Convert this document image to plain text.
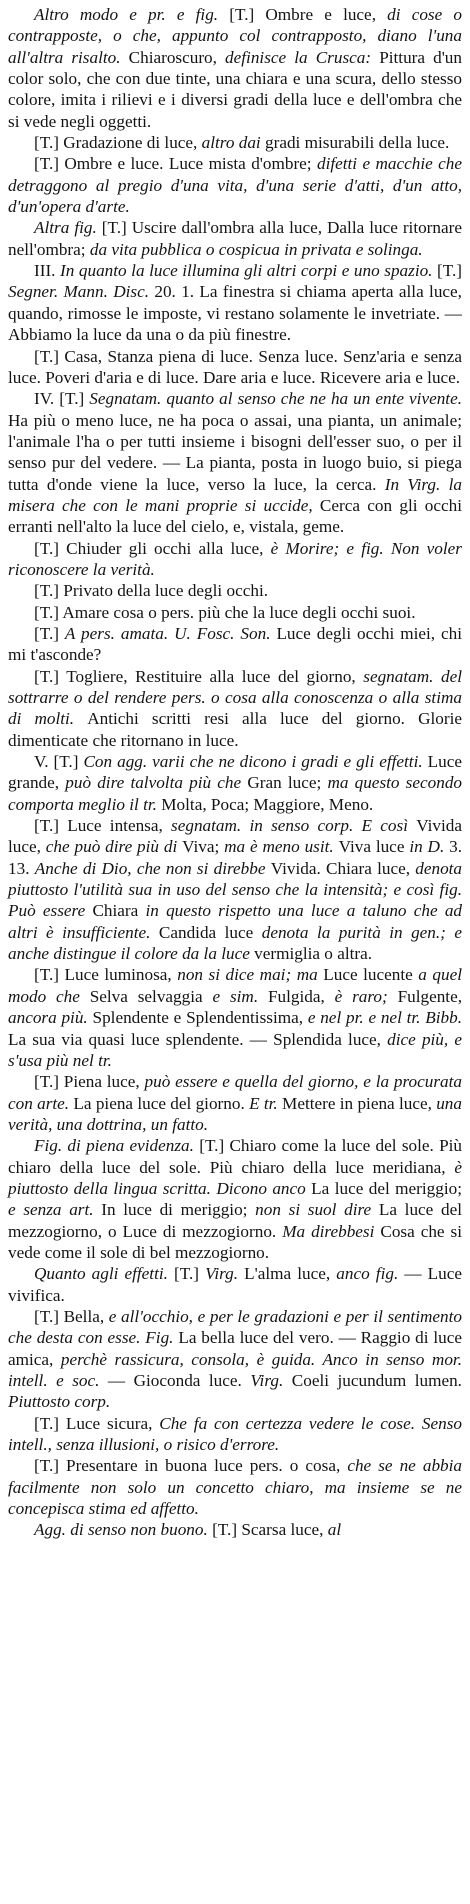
Altro modo e pr. e fig. [T.] Ombre e luce, di cose o contrapposte, o che, appunto col contrapposto, diano l'una all'altra risalto. Chiaroscuro, definisce la Crusca: Pittura d'un color solo, che con due tinte, una chiara e una scura, dello stesso colore, imita i rilievi e i diversi gradi della luce e dell'ombra che si vede negli oggetti.

[T.] Gradazione di luce, altro dai gradi misurabili della luce.

[T.] Ombre e luce. Luce mista d'ombre; difetti e macchie che detraggono al pregio d'una vita, d'una serie d'atti, d'un atto, d'un'opera d'arte.

Altra fig. [T.] Uscire dall'ombra alla luce, Dalla luce ritornare nell'ombra; da vita pubblica o cospicua in privata e solinga.

III. In quanto la luce illumina gli altri corpi e uno spazio. [T.] Segner. Mann. Disc. 20. 1. La finestra si chiama aperta alla luce, quando, rimosse le imposte, vi restano solamente le invetriate. — Abbiamo la luce da una o da più finestre.

[T.] Casa, Stanza piena di luce. Senza luce. Senz'aria e senza luce. Poveri d'aria e di luce. Dare aria e luce. Ricevere aria e luce.

IV. [T.] Segnatam. quanto al senso che ne ha un ente vivente. Ha più o meno luce, ne ha poca o assai, una pianta, un animale; l'animale l'ha o per tutti insieme i bisogni dell'esser suo, o per il senso pur del vedere. — La pianta, posta in luogo buio, si piega tutta d'onde viene la luce, verso la luce, la cerca. In Virg. la misera che con le mani proprie si uccide, Cerca con gli occhi erranti nell'alto la luce del cielo, e, vistala, geme.

[T.] Chiuder gli occhi alla luce, è Morire; e fig. Non voler riconoscere la verità.

[T.] Privato della luce degli occhi.

[T.] Amare cosa o pers. più che la luce degli occhi suoi.

[T.] A pers. amata. U. Fosc. Son. Luce degli occhi miei, chi mi t'asconde?

[T.] Togliere, Restituire alla luce del giorno, segnatam. del sottrarre o del rendere pers. o cosa alla conoscenza o alla stima di molti. Antichi scritti resi alla luce del giorno. Glorie dimenticate che ritornano in luce.

V. [T.] Con agg. varii che ne dicono i gradi e gli effetti. Luce grande, può dire talvolta più che Gran luce; ma questo secondo comporta meglio il tr. Molta, Poca; Maggiore, Meno.

[T.] Luce intensa, segnatam. in senso corp. E così Vivida luce, che può dire più di Viva; ma è meno usit. Viva luce in D. 3. 13. Anche di Dio, che non si direbbe Vivida. Chiara luce, denota piuttosto l'utilità sua in uso del senso che la intensità; e così fig. Può essere Chiara in questo rispetto una luce a taluno che ad altri è insufficiente. Candida luce denota la purità in gen.; e anche distingue il colore da la luce vermiglia o altra.

[T.] Luce luminosa, non si dice mai; ma Luce lucente a quel modo che Selva selvaggia e sim. Fulgida, è raro; Fulgente, ancora più. Splendente e Splendentissima, e nel pr. e nel tr. Bibb. La sua via quasi luce splendente. — Splendida luce, dice più, e s'usa più nel tr.

[T.] Piena luce, può essere e quella del giorno, e la procurata con arte. La piena luce del giorno. E tr. Mettere in piena luce, una verità, una dottrina, un fatto.

Fig. di piena evidenza. [T.] Chiaro come la luce del sole. Più chiaro della luce del sole. Più chiaro della luce meridiana, è piuttosto della lingua scritta. Dicono anco La luce del meriggio; e senza art. In luce di meriggio; non si suol dire La luce del mezzogiorno, o Luce di mezzogiorno. Ma direbbesi Cosa che si vede come il sole di bel mezzogiorno.

Quanto agli effetti. [T.] Virg. L'alma luce, anco fig. — Luce vivifica.

[T.] Bella, e all'occhio, e per le gradazioni e per il sentimento che desta con esse. Fig. La bella luce del vero. — Raggio di luce amica, perchè rassicura, consola, è guida. Anco in senso mor. intell. e soc. — Gioconda luce. Virg. Coeli jucundum lumen. Piuttosto corp.

[T.] Luce sicura, Che fa con certezza vedere le cose. Senso intell., senza illusioni, o risico d'errore.

[T.] Presentare in buona luce pers. o cosa, che se ne abbia facilmente non solo un concetto chiaro, ma insieme se ne concepisca stima ed affetto.

Agg. di senso non buono. [T.] Scarsa luce, al
